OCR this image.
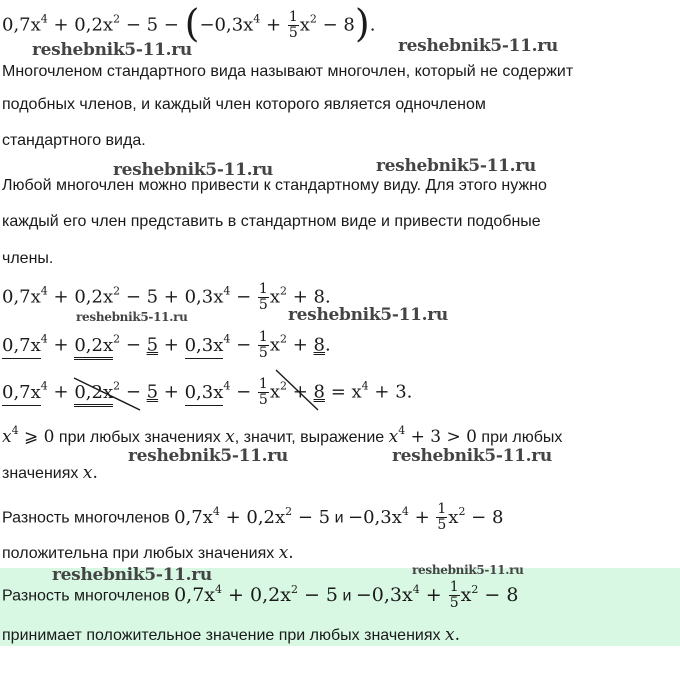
$0,7x^4 + 0,2x^2 - 5 - (-0,3x^4 + \frac{1}{5} x^2 - 8)$.
reshebnik5-11.ru	reshebnik5-11.ru
Многочленом стандартного вида называют многочлен, который не содержит
подобных членов, и каждый член которого является одночленом
стандартного вида.
reshebnik5-11.ru	reshebnik5-11.ru
Любой многочлен можно привести к стандартному виду. Для этого нужно
каждый его член представить в стандартном виде и привести подобные
члены.
$0,7x^4 + 0,2x^2 - 5 + 0,3x^4 - \frac{1}{5} x^2 + 8$.
reshebnik5-11.ru	reshebnik5-11.ru
$0,7x^4 + 0,2x^2 - 5 + 0,3x^4 - \frac{1}{5} x^2 + 8$.
$0,7x^4 + 0,2x^2 - 5 + 0,3x^4 - \frac{1}{5} x^2 + 8 = x^4 + 3$.
$x^4$ ⩾ 0 при любых значениях x, значит, выражение $x^4 + 3 > 0$ при любых
reshebnik5-11.ru	reshebnik5-11.ru
значениях x.
Разность многочленов $0,7x^4 + 0,2x^2 - 5$ $и -0,3x^4 + \frac{1}{5} x^2 - 8$
положительна при любых значениях x.
reshebnik5-11.ru	reshebnik5-11.ru
Разность многочленов $0,7x^4 + 0,2x^2 - 5$ $и -0,3x^4 + \frac{1}{5} x^2 - 8$
принимает положительное значение при любых значениях x.
